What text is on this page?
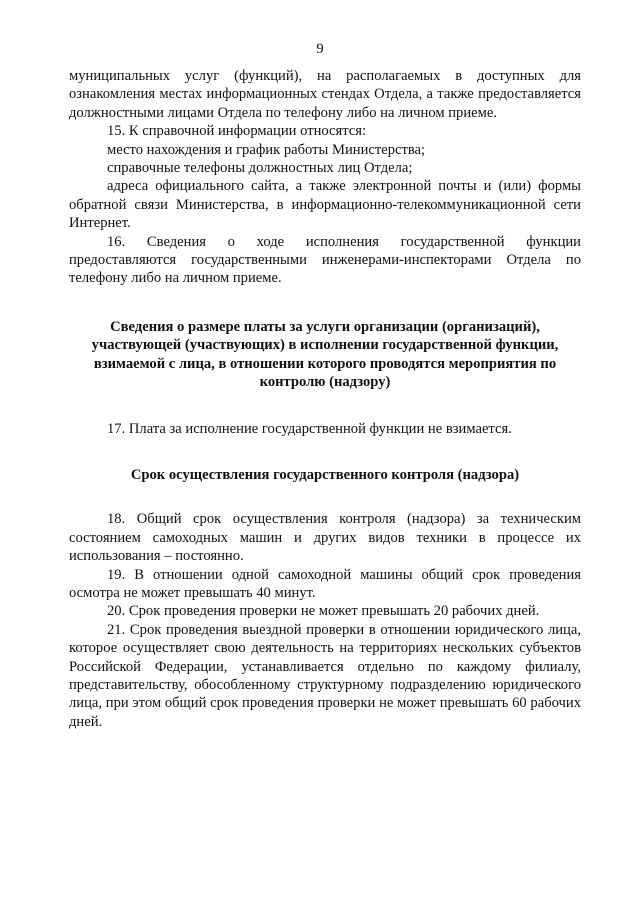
9

муниципальных услуг (функций), на располагаемых в доступных для ознакомления местах информационных стендах Отдела, а также предоставляется должностными лицами Отдела по телефону либо на личном приеме.

15. К справочной информации относятся:

место нахождения и график работы Министерства;

справочные телефоны должностных лиц Отдела;

адреса официального сайта, а также электронной почты и (или) формы обратной связи Министерства, в информационно-телекоммуникационной сети Интернет.

16. Сведения о ходе исполнения государственной функции предоставляются государственными инженерами-инспекторами Отдела по телефону либо на личном приеме.

Сведения о размере платы за услуги организации (организаций), участвующей (участвующих) в исполнении государственной функции, взимаемой с лица, в отношении которого проводятся мероприятия по контролю (надзору)

17. Плата за исполнение государственной функции не взимается.

Срок осуществления государственного контроля (надзора)

18. Общий срок осуществления контроля (надзора) за техническим состоянием самоходных машин и других видов техники в процессе их использования – постоянно.

19. В отношении одной самоходной машины общий срок проведения осмотра не может превышать 40 минут.

20. Срок проведения проверки не может превышать 20 рабочих дней.

21. Срок проведения выездной проверки в отношении юридического лица, которое осуществляет свою деятельность на территориях нескольких субъектов Российской Федерации, устанавливается отдельно по каждому филиалу, представительству, обособленному структурному подразделению юридического лица, при этом общий срок проведения проверки не может превышать 60 рабочих дней.
